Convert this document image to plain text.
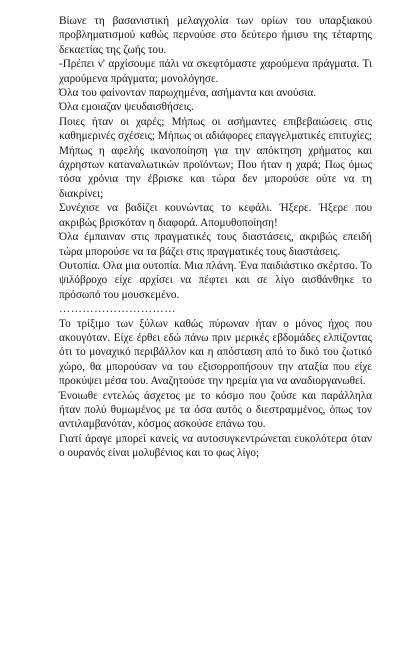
Βίωνε τη βασανιστική μελαγχολία των ορίων του υπαρξιακού προβληματισμού καθώς περνούσε στο δεύτερο ήμισυ της τέταρτης δεκαετίας της ζωής του.

-Πρέπει ν' αρχίσουμε πάλι να σκεφτόμαστε χαρούμενα πράγματα. Τι χαρούμενα πράγματα; μονολόγησε.

Όλα του φαίνονταν παρωχημένα, ασήμαντα και ανούσια.

Όλα εμοιαζαν ψευδαισθήσεις.

Ποιες ήταν οι χαρές; Μήπως οι ασήμαντες επιβεβαιώσεις στις καθημερινές σχέσεις; Μήπως οι αδιάφορες επαγγελματικές επιτυχίες; Μήπως η αφελής ικανοποίηση για την απόκτηση χρήματος και άχρηστων καταναλωτικών προϊόντων; Που ήταν η χαρά; Πως όμως τόσα χρόνια την έβρισκε και τώρα δεν μπορούσε ούτε να τη διακρίνει;

Συνέχισε να βαδίζει κουνώντας το κεφάλι. Ήξερε. Ήξερε που ακριβώς βρισκόταν η διαφορά. Απομυθοποίηση!

Όλα έμπαιναν στις πραγματικές τους διαστάσεις, ακριβώς επειδή τώρα μπορούσε να τα βάζει στις πραγματικές τους διαστάσεις.

Ουτοπία. Ολα μια ουτοπία. Μια πλάνη. Ένα παιδιάστικο σκέρτσο. Το ψιλόβροχο είχε αρχίσει να πέφτει και σε λίγο αισθάνθηκε το πρόσωπό του μουσκεμένο.

…………………………

Το τρίξιμο των ξύλων καθώς πύρωναν ήταν ο μόνος ήχος που ακουγόταν. Είχε έρθει εδώ πάνω πριν μερικές εβδομάδες ελπίζοντας ότι το μοναχικό περιβάλλον και η απόσταση από το δικό του ζωτικό χώρο, θα μπορούσαν να του εξισορροπήσουν την αταξία που είχε προκύψει μέσα του. Αναζητούσε την ηρεμία για να αναδιοργανωθεί.

Ένοιωθε εντελώς άσχετος με το κόσμο που ζούσε και παράλληλα ήταν πολύ θυμωμένος με τα όσα αυτός ο διεστραμμένος, όπως τον αντιλαμβανόταν, κόσμος ασκούσε επάνω του.

Γιατί άραγε μπορεί κανείς να αυτοσυγκεντρώνεται ευκολότερα όταν ο ουρανός είναι μολυβένιος και το φως λίγο;
